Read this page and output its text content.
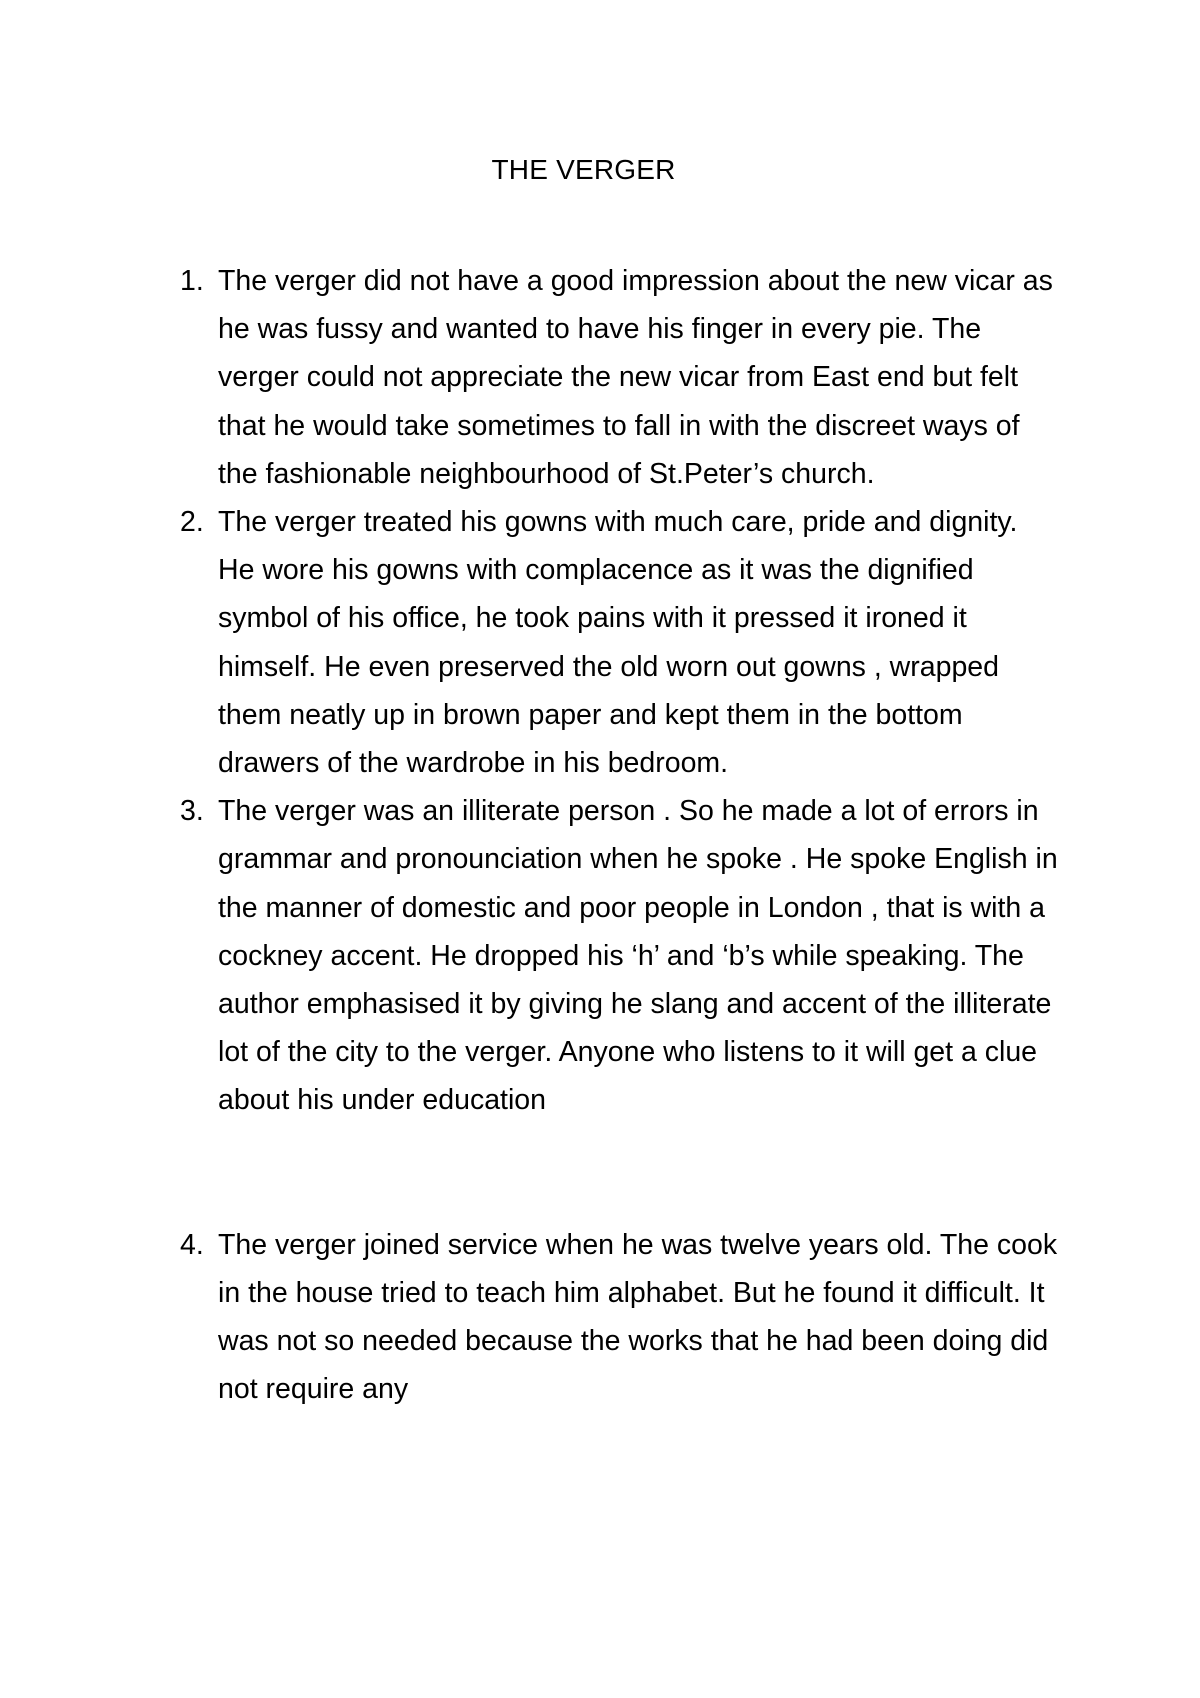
THE VERGER
1. The verger did not have a good impression about the new vicar as he was fussy and wanted to have his finger in every pie. The verger could not appreciate the new vicar from East end but felt that he would take sometimes to fall in with the discreet ways of the fashionable neighbourhood of St.Peter’s church.
2. The verger treated his gowns with much care, pride and dignity. He wore his gowns with complacence as it was the dignified symbol of his office, he took pains with it pressed it ironed it himself. He even preserved the old worn out gowns , wrapped them neatly up in brown paper and kept them in the bottom drawers of the wardrobe in his bedroom.
3. The verger was an illiterate person . So he made a lot of errors in grammar and pronounciation when he spoke . He spoke English in the manner of domestic and poor people in London , that is with a cockney accent. He dropped his ‘h’ and ‘b’s while speaking. The author emphasised it by giving he slang and accent of the illiterate lot of the city to the verger. Anyone who listens to it will get a clue about his under education
4. The verger joined service when he was twelve years old. The cook in the house tried to teach him alphabet. But he found it difficult. It was not so needed because the works that he had been doing did not require any
